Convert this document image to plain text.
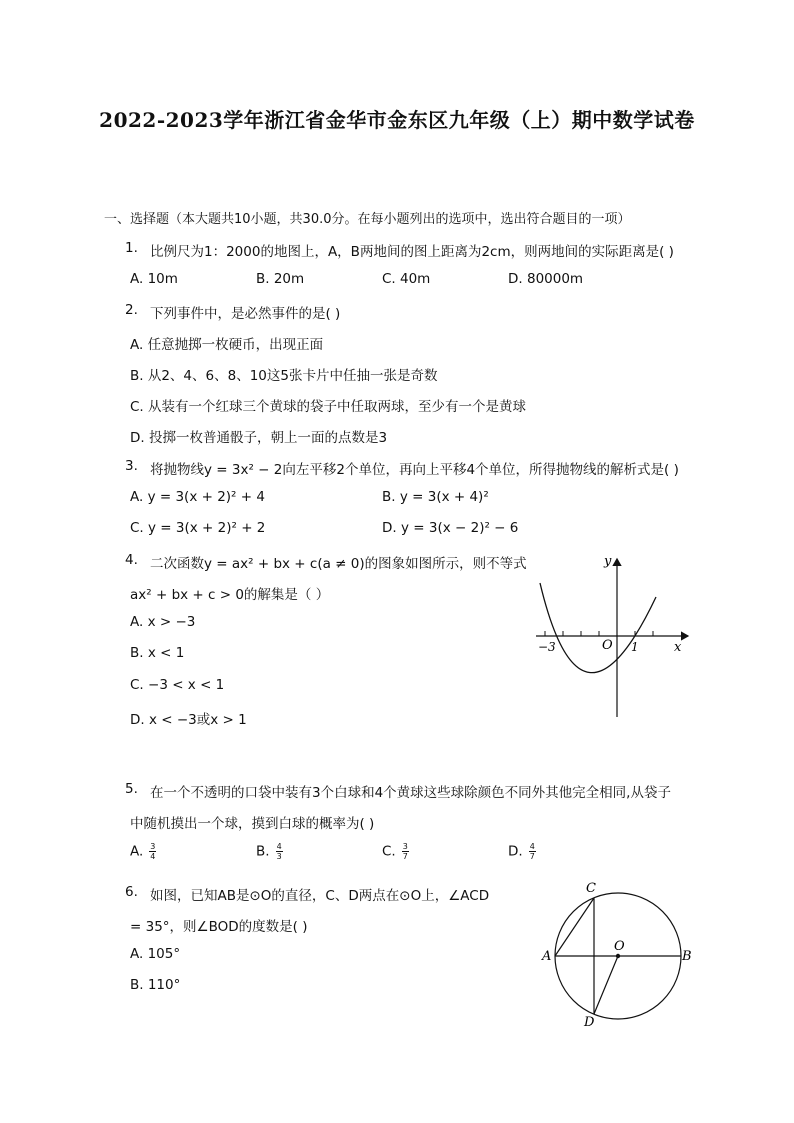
2022-2023学年浙江省金华市金东区九年级（上）期中数学试卷
一、选择题（本大题共10小题，共30.0分。在每小题列出的选项中，选出符合题目的一项）
1. 比例尺为1：2000的地图上，A，B两地间的图上距离为2cm，则两地间的实际距离是( )
A. 10m	B. 20m	C. 40m	D. 80000m
2. 下列事件中，是必然事件的是( )
A. 任意抛掷一枚硬币，出现正面
B. 从2、4、6、8、10这5张卡片中任抽一张是奇数
C. 从装有一个红球三个黄球的袋子中任取两球，至少有一个是黄球
D. 投掷一枚普通骰子，朝上一面的点数是3
3. 将抛物线y = 3x² − 2向左平移2个单位，再向上平移4个单位，所得抛物线的解析式是( )
A. y = 3(x + 2)² + 4	B. y = 3(x + 4)²
C. y = 3(x + 2)² + 2	D. y = 3(x − 2)² − 6
4. 二次函数y = ax² + bx + c(a ≠ 0)的图象如图所示，则不等式
ax² + bx + c > 0的解集是（ ）
A. x > −3
B. x < 1
C. −3 < x < 1
D. x < −3或x > 1
y
x
O
−3	1
5. 在一个不透明的口袋中装有3个白球和4个黄球这些球除颜色不同外其他完全相同,从袋子
中随机摸出一个球，摸到白球的概率为( )
A. $\frac{3}{4}$	B. $\frac{4}{3}$	C. $\frac{3}{7}$	D. $\frac{4}{7}$
6. 如图，已知AB是⊙O的直径，C、D两点在⊙O上，∠ACD
= 35°，则∠BOD的度数是( )
A. 105°
B. 110°
A	B
C
D
O
